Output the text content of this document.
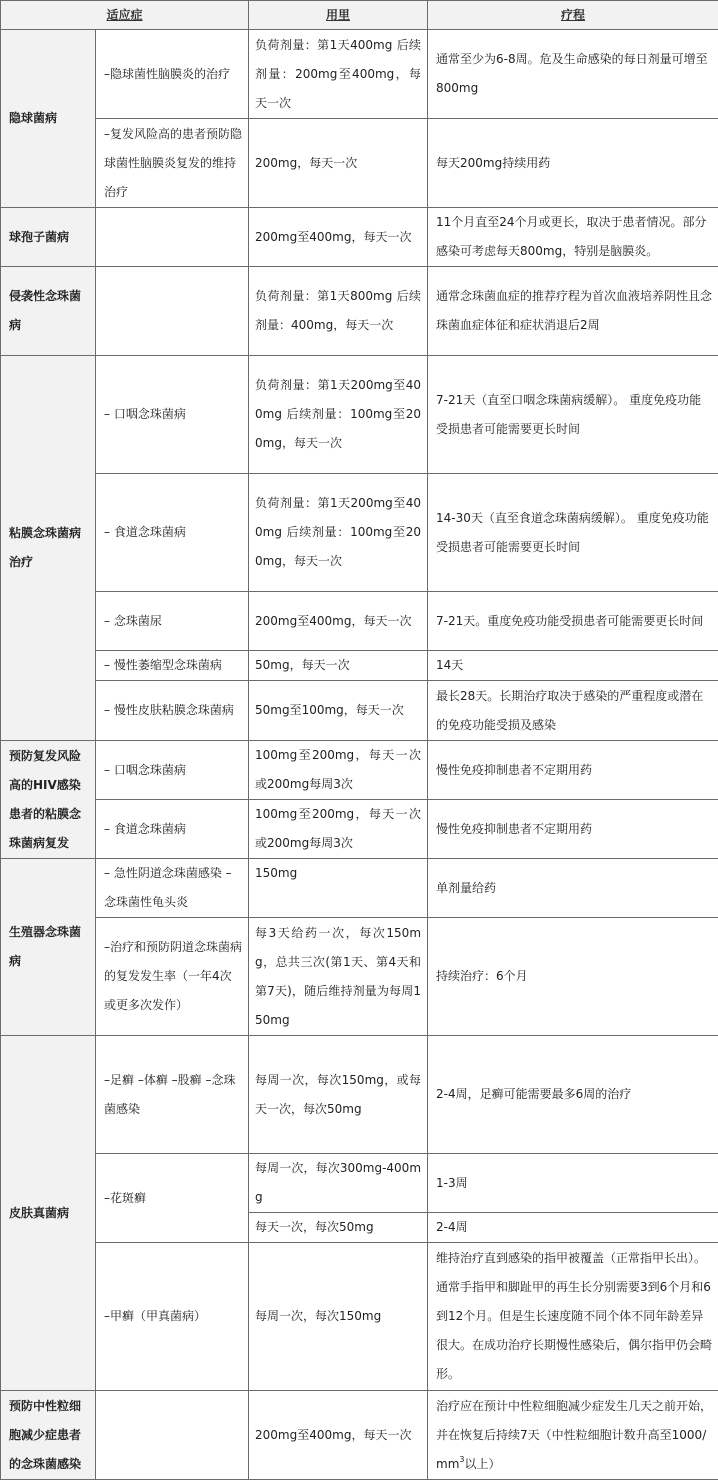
适应症		用里	疗程
隐球菌病	–隐球菌性脑膜炎的治疗	负荷剂量：第1天400mg 后续剂量：200mg至400mg，每天一次	通常至少为6-8周。危及生命感染的每日剂量可增至800mg
	–复发风险高的患者预防隐球菌性脑膜炎复发的维持治疗	200mg，每天一次	每天200mg持续用药
球孢子菌病		200mg至400mg，每天一次	11个月直至24个月或更长，取决于患者情况。部分感染可考虑每天800mg，特别是脑膜炎。
侵袭性念珠菌病		负荷剂量：第1天800mg 后续剂量：400mg，每天一次	通常念珠菌血症的推荐疗程为首次血液培养阴性且念珠菌血症体征和症状消退后2周
粘膜念珠菌病治疗	– 口咽念珠菌病	负荷剂量：第1天200mg至400mg 后续剂量：100mg至200mg，每天一次	7-21天（直至口咽念珠菌病缓解）。 重度免疫功能受损患者可能需要更长时间
	– 食道念珠菌病	负荷剂量：第1天200mg至400mg 后续剂量：100mg至200mg，每天一次	14-30天（直至食道念珠菌病缓解）。 重度免疫功能受损患者可能需要更长时间
	– 念珠菌尿	200mg至400mg，每天一次	7-21天。重度免疫功能受损患者可能需要更长时间
	– 慢性萎缩型念珠菌病	50mg，每天一次	14天
	– 慢性皮肤粘膜念珠菌病	50mg至100mg，每天一次	最长28天。长期治疗取决于感染的严重程度或潜在的免疫功能受损及感染
预防复发风险高的HIV感染患者的粘膜念珠菌病复发	– 口咽念珠菌病	100mg至200mg，每天一次或200mg每周3次	慢性免疫抑制患者不定期用药
	– 食道念珠菌病	100mg至200mg，每天一次或200mg每周3次	慢性免疫抑制患者不定期用药
生殖器念珠菌病	– 急性阴道念珠菌感染 – 念珠菌性龟头炎	150mg	单剂量给药
	–治疗和预防阴道念珠菌病的复发发生率（一年4次或更多次发作）	每3天给药一次，每次150mg，总共三次(第1天、第4天和第7天)，随后维持剂量为每周150mg	持续治疗：6个月
皮肤真菌病	–足癣 –体癣 –股癣 –念珠菌感染	每周一次，每次150mg，或每天一次，每次50mg	2-4周，足癣可能需要最多6周的治疗
	–花斑癣	每周一次，每次300mg-400mg	1-3周
		每天一次，每次50mg	2-4周
	–甲癣（甲真菌病）	每周一次，每次150mg	维持治疗直到感染的指甲被覆盖（正常指甲长出）。通常手指甲和脚趾甲的再生长分别需要3到6个月和6到12个月。但是生长速度随不同个体不同年龄差异很大。在成功治疗长期慢性感染后，偶尔指甲仍会畸形。
预防中性粒细胞减少症患者的念珠菌感染		200mg至400mg，每天一次	治疗应在预计中性粒细胞减少症发生几天之前开始，并在恢复后持续7天（中性粒细胞计数升高至$1000/mm^3$以上）
